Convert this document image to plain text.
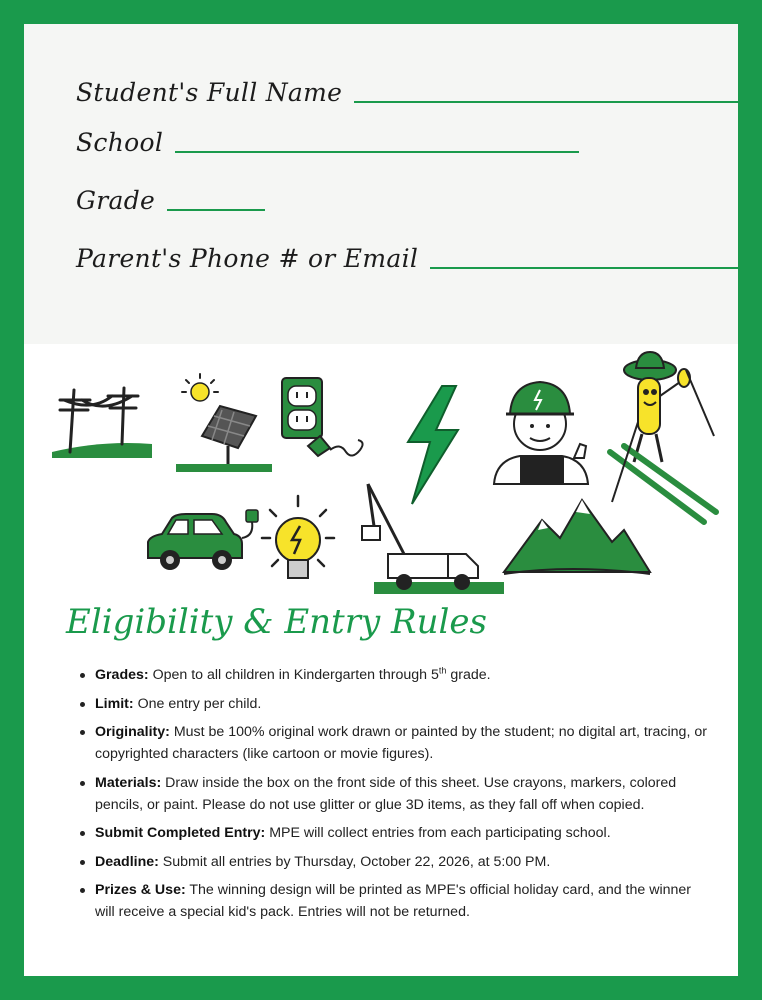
Student's Full Name
School
Grade
Parent's Phone # or Email
Eligibility & Entry Rules
Grades: Open to all children in Kindergarten through 5th grade.
Limit: One entry per child.
Originality: Must be 100% original work drawn or painted by the student; no digital art, tracing, or copyrighted characters (like cartoon or movie figures).
Materials: Draw inside the box on the front side of this sheet. Use crayons, markers, colored pencils, or paint. Please do not use glitter or glue 3D items, as they fall off when copied.
Submit Completed Entry: MPE will collect entries from each participating school.
Deadline: Submit all entries by Thursday, October 22, 2026, at 5:00 PM.
Prizes & Use: The winning design will be printed as MPE's official holiday card, and the winner will receive a special kid's pack. Entries will not be returned.
